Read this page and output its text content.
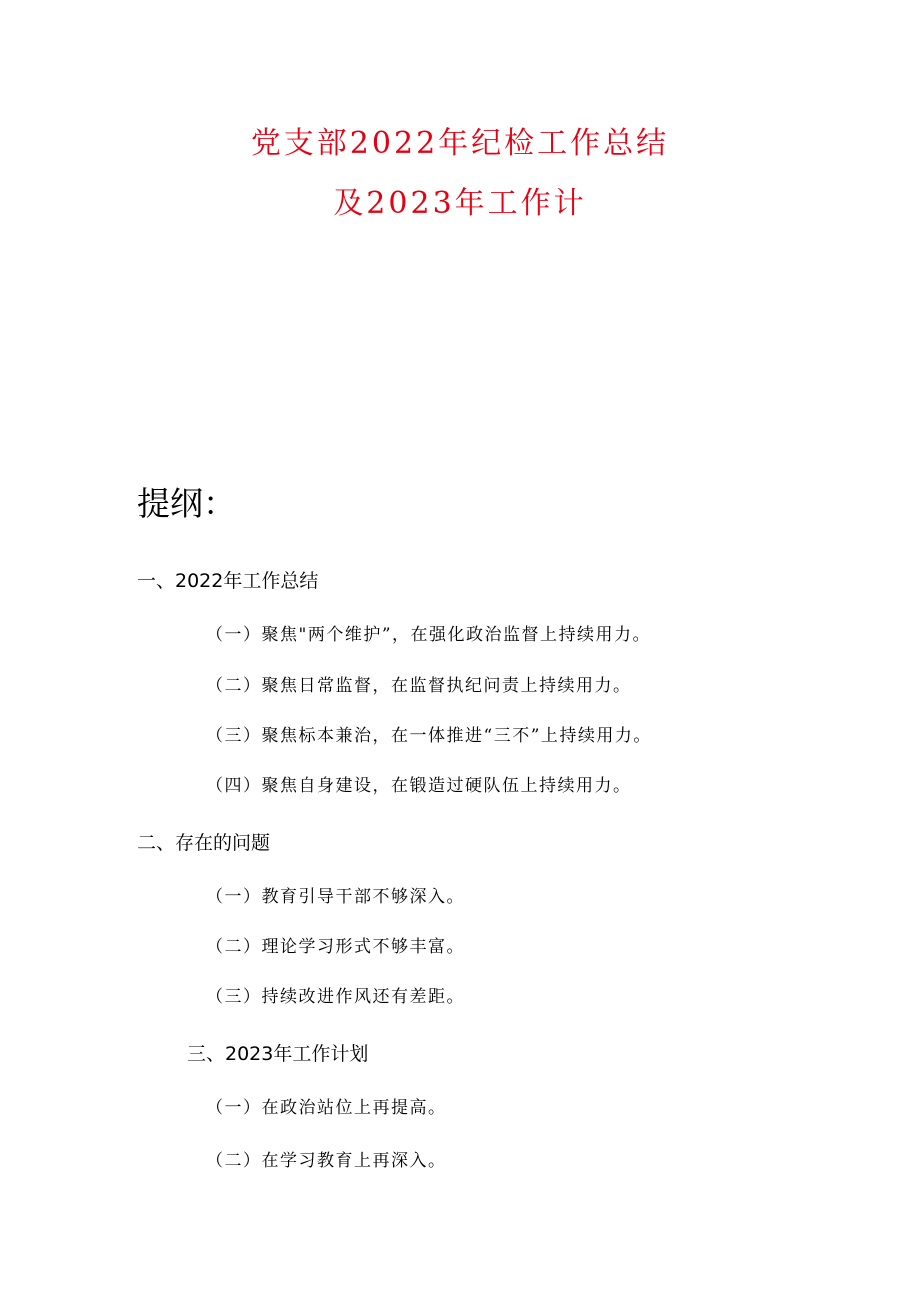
党支部2022年纪检工作总结
及2023年工作计
提纲：
一、2022年工作总结
（一）聚焦"两个维护”，在强化政治监督上持续用力。
（二）聚焦日常监督，在监督执纪问责上持续用力。
（三）聚焦标本兼治，在一体推进“三不”上持续用力。
（四）聚焦自身建设，在锻造过硬队伍上持续用力。
二、存在的问题
（一）教育引导干部不够深入。
（二）理论学习形式不够丰富。
（三）持续改进作风还有差距。
三、2023年工作计划
（一）在政治站位上再提高。
（二）在学习教育上再深入。
